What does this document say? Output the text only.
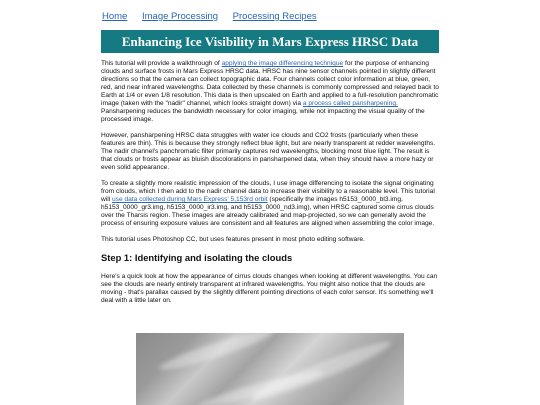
Home Image Processing Processing Recipes
Enhancing Ice Visibility in Mars Express HRSC Data

This tutorial will provide a walkthrough of applying the image differencing technique for the purpose of enhancing clouds and surface frosts in Mars Express HRSC data. HRSC has nine sensor channels pointed in slightly different directions so that the camera can collect topographic data. Four channels collect color information at blue, green, red, and near infrared wavelengths. Data collected by these channels is commonly compressed and relayed back to Earth at 1/4 or even 1/8 resolution. This data is then upscaled on Earth and applied to a full-resolution panchromatic image (taken with the "nadir" channel, which looks straight down) via a process called pansharpening. Pansharpening reduces the bandwidth necessary for color imaging, while not impacting the visual quality of the processed image.

However, pansharpening HRSC data struggles with water ice clouds and CO2 frosts (particularly when these features are thin). This is because they strongly reflect blue light, but are nearly transparent at redder wavelengths. The nadir channel's panchromatic filter primarily captures red wavelengths, blocking most blue light. The result is that clouds or frosts appear as bluish discolorations in pansharpened data, when they should have a more hazy or even solid appearance.

To create a slightly more realistic impression of the clouds, I use image differencing to isolate the signal originating from clouds, which I then add to the nadir channel data to increase their visibility to a reasonable level. This tutorial will use data collected during Mars Express' 5,153rd orbit (specifically the images h5153_0000_bl3.img, h5153_0000_gr3.img, h5153_0000_ir3.img, and h5153_0000_nd3.img), when HRSC captured some cirrus clouds over the Tharsis region. These images are already calibrated and map-projected, so we can generally avoid the process of ensuring exposure values are consistent and all features are aligned when assembling the color image.

This tutorial uses Photoshop CC, but uses features present in most photo editing software.

Step 1: Identifying and isolating the clouds

Here's a quick look at how the appearance of cirrus clouds changes when looking at different wavelengths. You can see the clouds are nearly entirely transparent at infrared wavelengths. You might also notice that the clouds are moving - that's parallax caused by the slightly different pointing directions of each color sensor. It's something we'll deal with a little later on.
